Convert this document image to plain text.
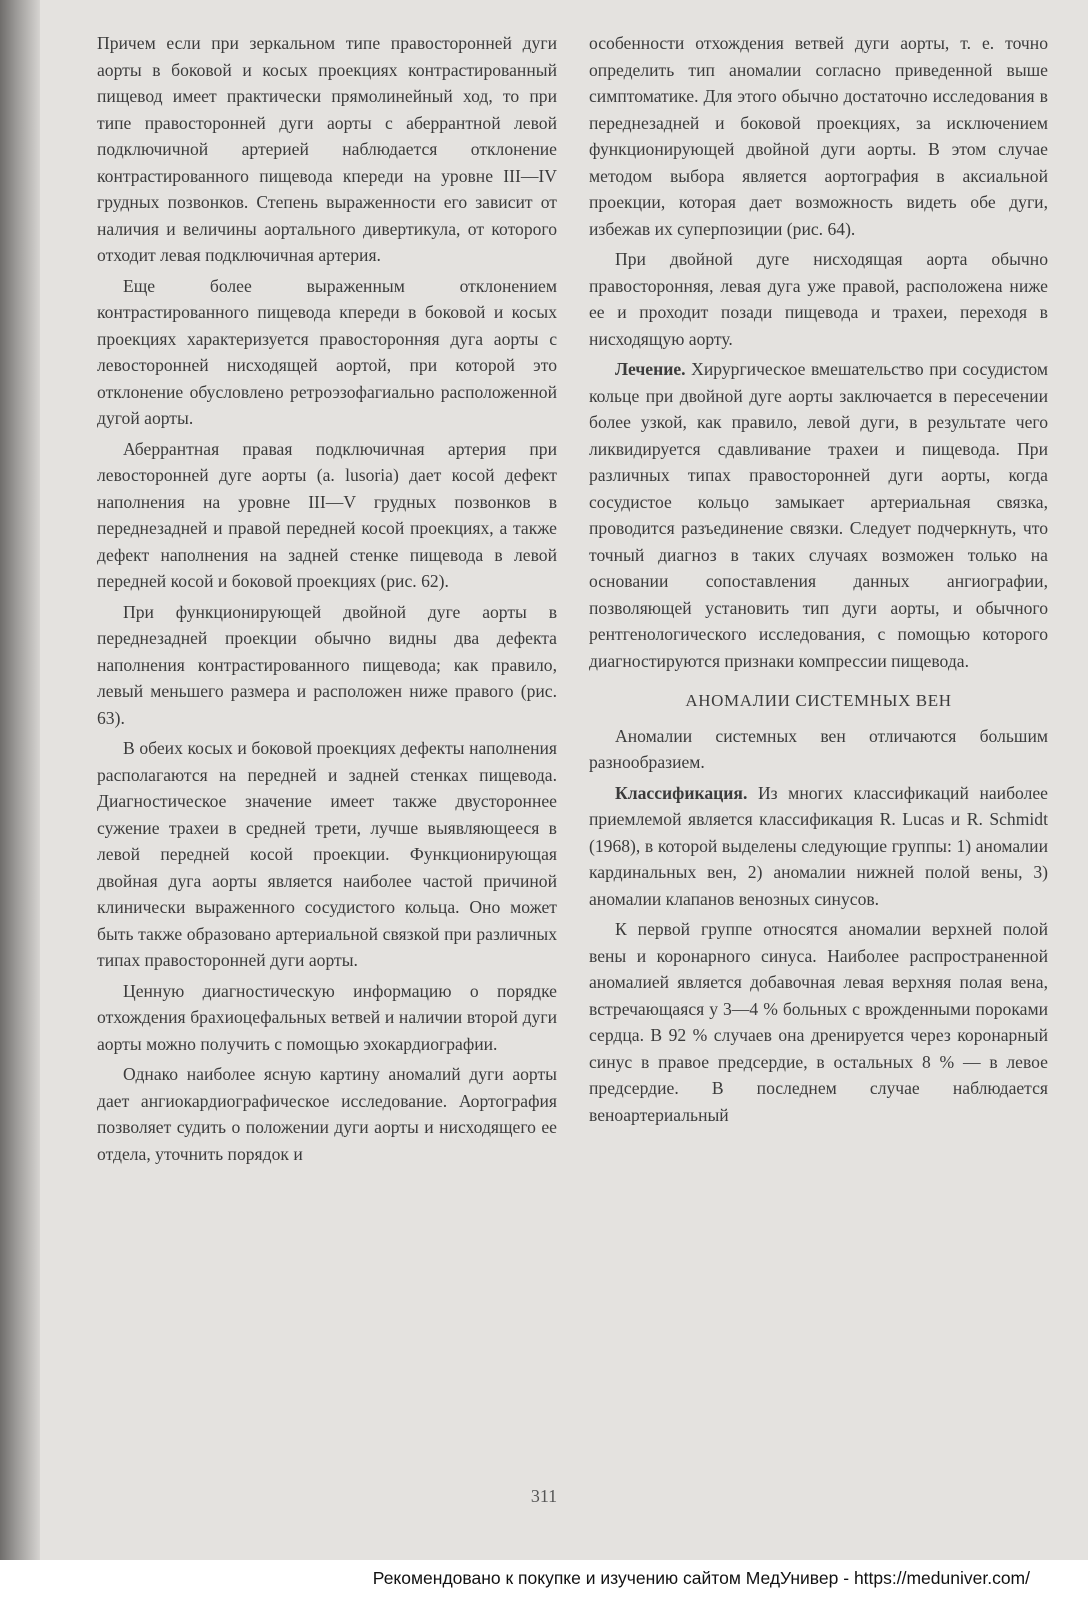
Причем если при зеркальном типе правосторонней дуги аорты в боковой и косых проекциях контрастированный пищевод имеет практически прямолинейный ход, то при типе правосторонней дуги аорты с аберрантной левой подключичной артерией наблюдается отклонение контрастированного пищевода кпереди на уровне III—IV грудных позвонков. Степень выраженности его зависит от наличия и величины аортального дивертикула, от которого отходит левая подключичная артерия.

Еще более выраженным отклонением контрастированного пищевода кпереди в боковой и косых проекциях характеризуется правосторонняя дуга аорты с левосторонней нисходящей аортой, при которой это отклонение обусловлено ретроэзофагиально расположенной дугой аорты.

Аберрантная правая подключичная артерия при левосторонней дуге аорты (a. lusoria) дает косой дефект наполнения на уровне III—V грудных позвонков в переднезадней и правой передней косой проекциях, а также дефект наполнения на задней стенке пищевода в левой передней косой и боковой проекциях (рис. 62).

При функционирующей двойной дуге аорты в переднезадней проекции обычно видны два дефекта наполнения контрастированного пищевода; как правило, левый меньшего размера и расположен ниже правого (рис. 63).

В обеих косых и боковой проекциях дефекты наполнения располагаются на передней и задней стенках пищевода. Диагностическое значение имеет также двустороннее сужение трахеи в средней трети, лучше выявляющееся в левой передней косой проекции. Функционирующая двойная дуга аорты является наиболее частой причиной клинически выраженного сосудистого кольца. Оно может быть также образовано артериальной связкой при различных типах правосторонней дуги аорты.

Ценную диагностическую информацию о порядке отхождения брахиоцефальных ветвей и наличии второй дуги аорты можно получить с помощью эхокардиографии.

Однако наиболее ясную картину аномалий дуги аорты дает ангиокардиографическое исследование. Аортография позволяет судить о положении дуги аорты и нисходящего ее отдела, уточнить порядок и

особенности отхождения ветвей дуги аорты, т. е. точно определить тип аномалии согласно приведенной выше симптоматике. Для этого обычно достаточно исследования в переднезадней и боковой проекциях, за исключением функционирующей двойной дуги аорты. В этом случае методом выбора является аортография в аксиальной проекции, которая дает возможность видеть обе дуги, избежав их суперпозиции (рис. 64).

При двойной дуге нисходящая аорта обычно правосторонняя, левая дуга уже правой, расположена ниже ее и проходит позади пищевода и трахеи, переходя в нисходящую аорту.

Лечение. Хирургическое вмешательство при сосудистом кольце при двойной дуге аорты заключается в пересечении более узкой, как правило, левой дуги, в результате чего ликвидируется сдавливание трахеи и пищевода. При различных типах правосторонней дуги аорты, когда сосудистое кольцо замыкает артериальная связка, проводится разъединение связки. Следует подчеркнуть, что точный диагноз в таких случаях возможен только на основании сопоставления данных ангиографии, позволяющей установить тип дуги аорты, и обычного рентгенологического исследования, с помощью которого диагностируются признаки компрессии пищевода.

АНОМАЛИИ СИСТЕМНЫХ ВЕН

Аномалии системных вен отличаются большим разнообразием.

Классификация. Из многих классификаций наиболее приемлемой является классификация R. Lucas и R. Schmidt (1968), в которой выделены следующие группы: 1) аномалии кардинальных вен, 2) аномалии нижней полой вены, 3) аномалии клапанов венозных синусов.

К первой группе относятся аномалии верхней полой вены и коронарного синуса. Наиболее распространенной аномалией является добавочная левая верхняя полая вена, встречающаяся у 3—4 % больных с врожденными пороками сердца. В 92 % случаев она дренируется через коронарный синус в правое предсердие, в остальных 8 % — в левое предсердие. В последнем случае наблюдается веноартериальный

311
Рекомендовано к покупке и изучению сайтом МедУнивер - https://meduniver.com/
